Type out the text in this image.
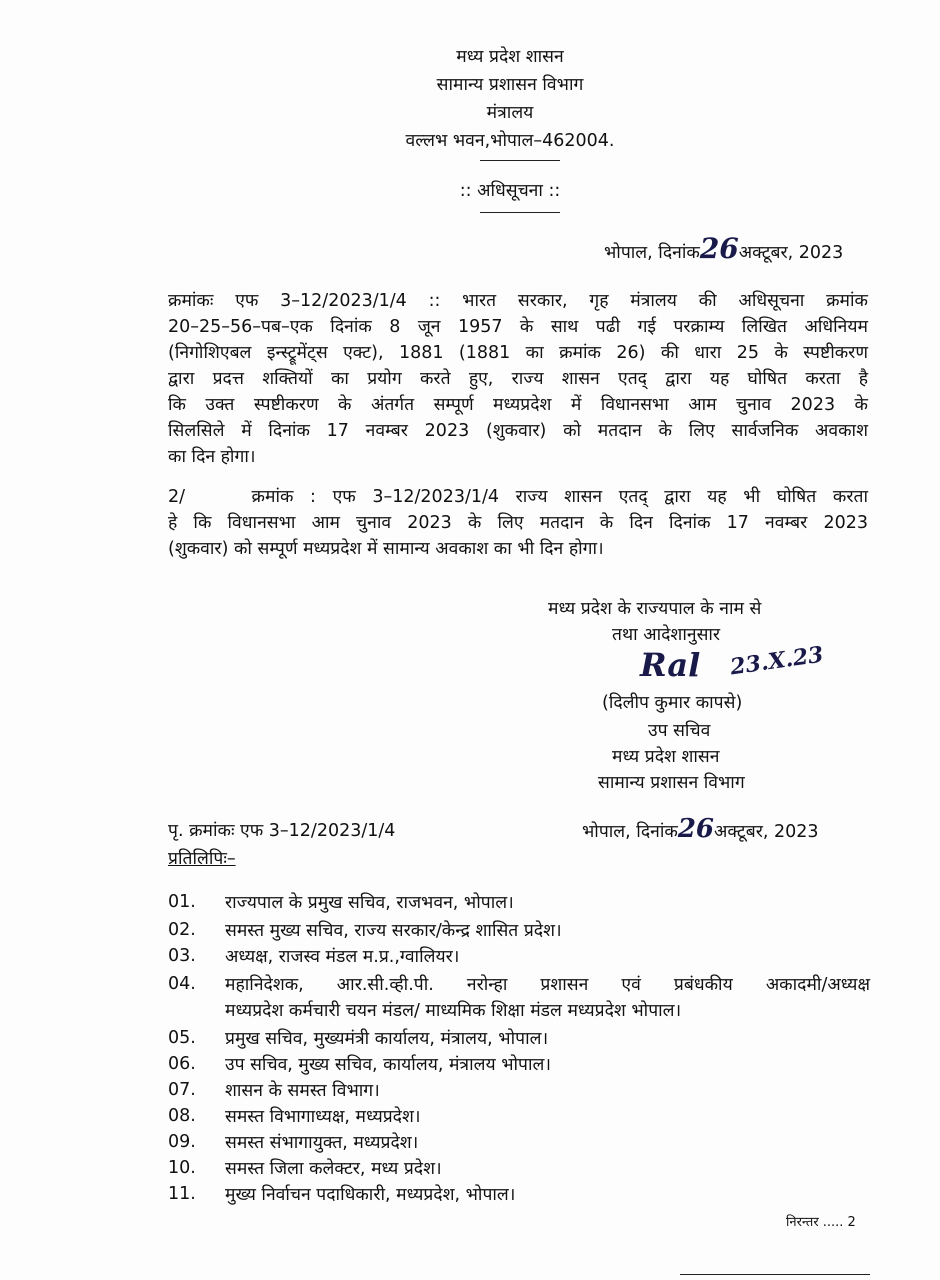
मध्य प्रदेश शासन
सामान्य प्रशासन विभाग
मंत्रालय
वल्लभ भवन,भोपाल–462004.
:: अधिसूचना ::
भोपाल, दिनांक26अक्टूबर, 2023
क्रमांकः एफ 3–12/2023/1/4 :: भारत सरकार, गृह मंत्रालय की अधिसूचना क्रमांक
20–25–56–पब–एक दिनांक 8 जून 1957 के साथ पढी गई परक्राम्य लिखित अधिनियम
(निगोशिएबल इन्स्ट्रूमेंट्स एक्ट), 1881 (1881 का क्रमांक 26) की धारा 25 के स्पष्टीकरण
द्वारा प्रदत्त शक्तियों का प्रयोग करते हुए, राज्य शासन एतद् द्वारा यह घोषित करता है
कि उक्त स्पष्टीकरण के अंतर्गत सम्पूर्ण मध्यप्रदेश में विधानसभा आम चुनाव 2023 के
सिलसिले में दिनांक 17 नवम्बर 2023 (शुकवार) को मतदान के लिए सार्वजनिक अवकाश
का दिन होगा।
2/    क्रमांक : एफ 3–12/2023/1/4 राज्य शासन एतद् द्वारा यह भी घोषित करता
हे कि विधानसभा आम चुनाव 2023 के लिए मतदान के दिन दिनांक 17 नवम्बर 2023
(शुकवार) को सम्पूर्ण मध्यप्रदेश में सामान्य अवकाश का भी दिन होगा।
मध्य प्रदेश के राज्यपाल के नाम से
तथा आदेशानुसार
Ral 23.X.23
(दिलीप कुमार कापसे)
उप सचिव
मध्य प्रदेश शासन
सामान्य प्रशासन विभाग
पृ. क्रमांकः एफ 3–12/2023/1/4	भोपाल, दिनांक26अक्टूबर, 2023
प्रतिलिपिः–
01.	राज्यपाल के प्रमुख सचिव, राजभवन, भोपाल।
02.	समस्त मुख्य सचिव, राज्य सरकार/केन्द्र शासित प्रदेश।
03.	अध्यक्ष, राजस्व मंडल म.प्र.,ग्वालियर।
04.	महानिदेशक, आर.सी.व्ही.पी. नरोन्हा प्रशासन एवं प्रबंधकीय अकादमी/अध्यक्ष
मध्यप्रदेश कर्मचारी चयन मंडल/ माध्यमिक शिक्षा मंडल मध्यप्रदेश भोपाल।
05.	प्रमुख सचिव, मुख्यमंत्री कार्यालय, मंत्रालय, भोपाल।
06.	उप सचिव, मुख्य सचिव, कार्यालय, मंत्रालय भोपाल।
07.	शासन के समस्त विभाग।
08.	समस्त विभागाध्यक्ष, मध्यप्रदेश।
09.	समस्त संभागायुक्त, मध्यप्रदेश।
10.	समस्त जिला कलेक्टर, मध्य प्रदेश।
11.	मुख्य निर्वाचन पदाधिकारी, मध्यप्रदेश, भोपाल।
निरन्तर ..... 2
